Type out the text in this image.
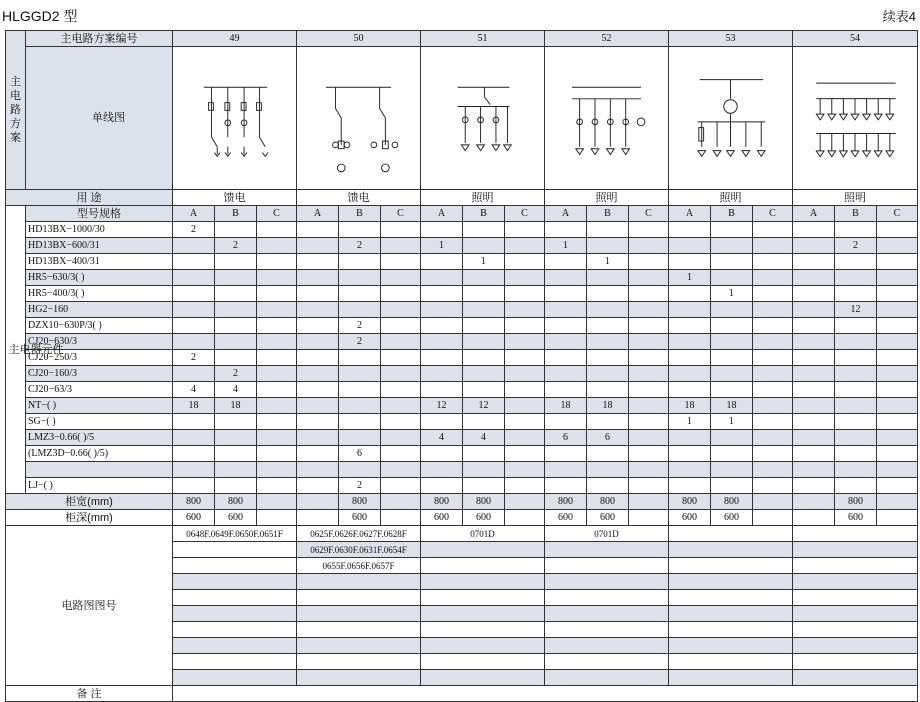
HLGGD2 型	续表4
主电路方案	主电路方案编号	49			50			51			52			53			54		
	单线图	

用 途		馈电			馈电			照明			照明			照明			照明		
主电器元件	型号规格	A	B	C	A	B	C	A	B	C	A	B	C	A	B	C	A	B	C
	HD13BX−1000/30	2																	
	HD13BX−600/31		2			2		1			1							2	
	HD13BX−400/31								1			1							
	HR5−630/3( )													1					
	HR5−400/3( )														1				
	HG2−160																	12	
	DZX10−630P/3( )					2													
	CJ20−630/3					2													
	CJ20−250/3	2																	
	CJ20−160/3		2																
	CJ20−63/3	4	4																
	NT−( )	18	18					12	12		18	18		18	18				
	SG−( )													1	1				
	LMZ3−0.66( )/5							4	4		6	6							
	(LMZ3D−0.66( )/5)					6													

	LJ−( )					2													
柜宽(mm)		800	800			800		800	800		800	800		800	800			800	
柜深(mm)		600	600			600		600	600		600	600		600	600			600	
电路图图号		0648F.0649F.0650F.0651F			0625F.0626F.0627F.0628F			0701D			0701D								
					0629F.0630F.0631F.0654F														
					0655F.0656F.0657F														

备 注																			
